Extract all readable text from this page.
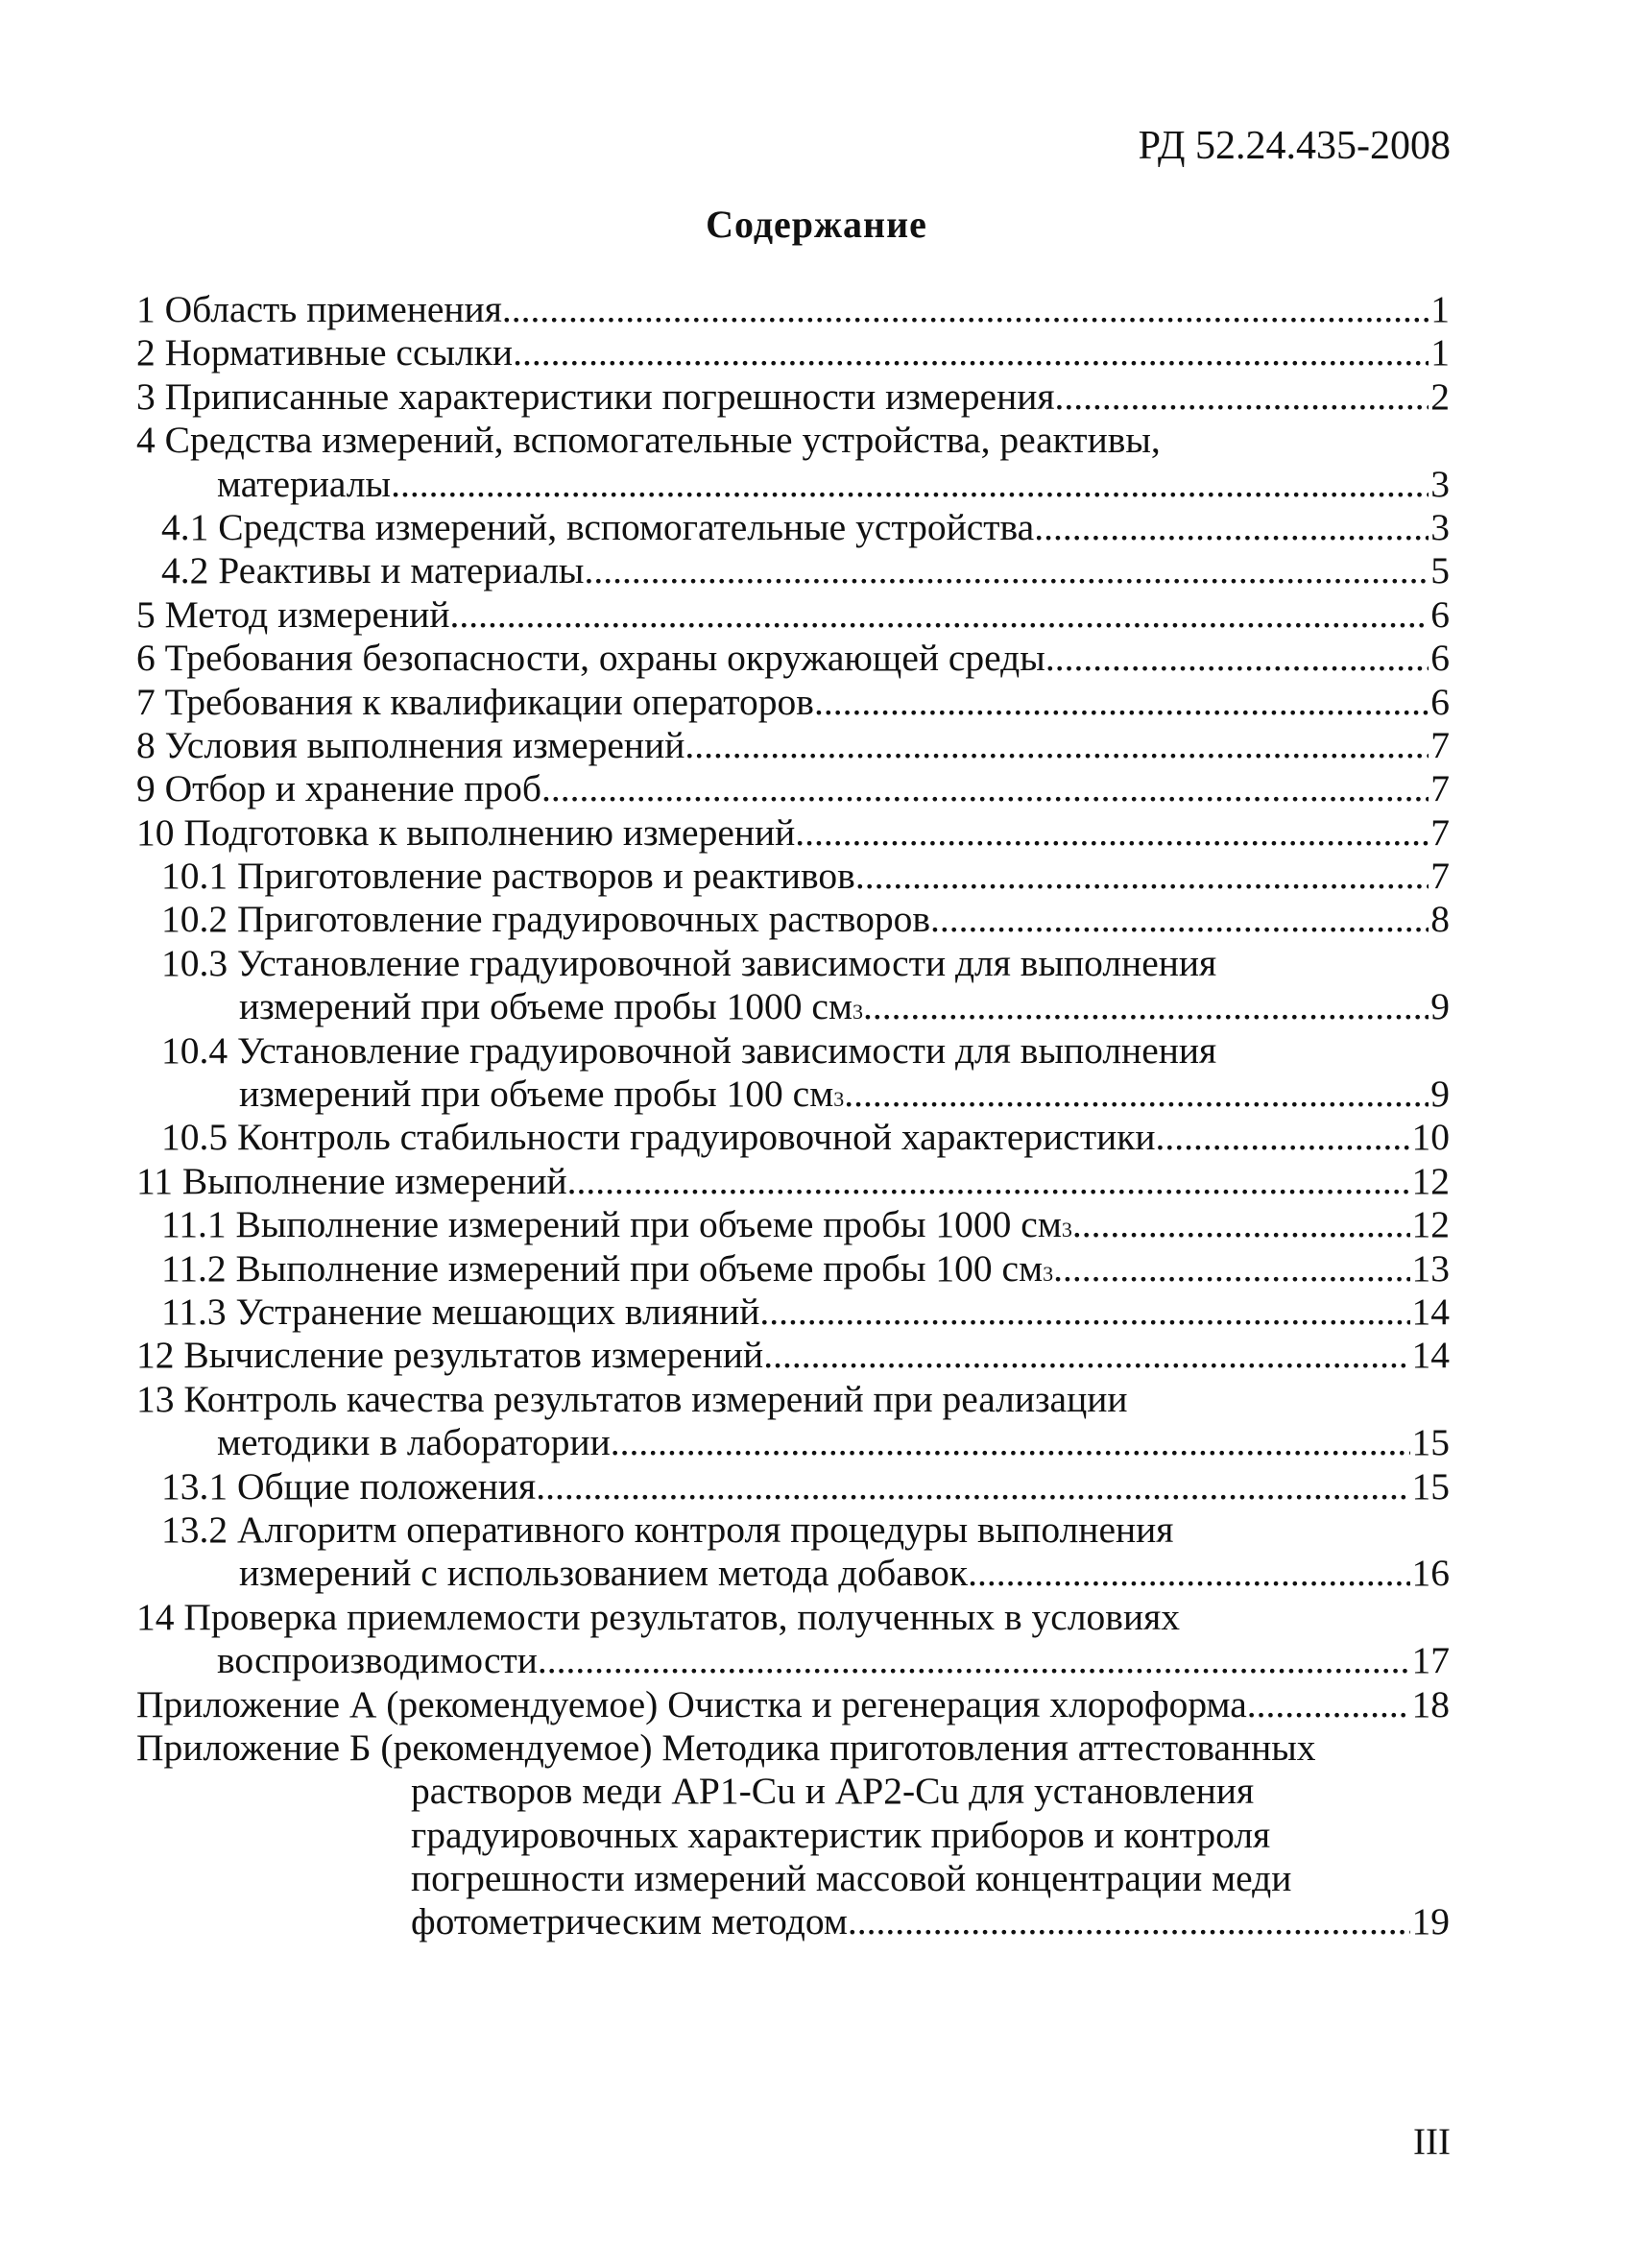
РД 52.24.435-2008
Содержание
1 Область применения .....	1
2 Нормативные ссылки .....	1
3 Приписанные характеристики погрешности измерения .....	2
4 Средства измерений, вспомогательные устройства, реактивы,
материалы .....	3
4.1 Средства измерений, вспомогательные устройства .....	3
4.2 Реактивы и материалы .....	5
5 Метод измерений .....	6
6 Требования безопасности, охраны окружающей среды .....	6
7 Требования к квалификации операторов .....	6
8 Условия выполнения измерений .....	7
9 Отбор и хранение проб .....	7
10 Подготовка к выполнению измерений .....	7
10.1 Приготовление растворов и реактивов .....	7
10.2 Приготовление градуировочных растворов .....	8
10.3 Установление градуировочной зависимости для выполнения
измерений при объеме пробы 1000 см 3 .....	9
10.4 Установление градуировочной зависимости для выполнения
измерений при объеме пробы 100 см 3 .....	9
10.5 Контроль стабильности градуировочной характеристики .....	10
11 Выполнение измерений .....	12
11.1 Выполнение измерений при объеме пробы 1000 см 3 .....	12
11.2 Выполнение измерений при объеме пробы 100 см 3 .....	13
11.3 Устранение мешающих влияний .....	14
12 Вычисление результатов измерений .....	14
13 Контроль качества результатов измерений при реализации
методики в лаборатории .....	15
13.1 Общие положения .....	15
13.2 Алгоритм оперативного контроля процедуры выполнения
измерений с использованием метода добавок .....	16
14 Проверка приемлемости результатов, полученных в условиях
воспроизводимости .....	17
Приложение А (рекомендуемое) Очистка и регенерация хлороформа .....	18
Приложение Б (рекомендуемое) Методика приготовления аттестованных
растворов меди АР1-Cu и АР2-Cu для установления
градуировочных характеристик приборов и контроля
погрешности измерений массовой концентрации меди
фотометрическим методом .....	19
III
